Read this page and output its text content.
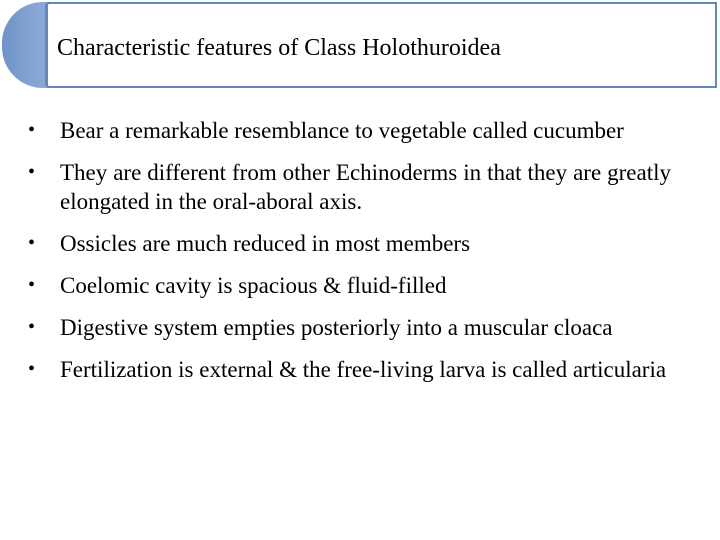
Characteristic features of Class Holothuroidea
•	Bear a remarkable resemblance to vegetable called cucumber
•	They are different from other Echinoderms in that they are greatly elongated in the oral-aboral axis.
•	Ossicles are much reduced in most members
•	Coelomic cavity is spacious & fluid-filled
•	Digestive system empties posteriorly into a muscular cloaca
•	Fertilization is external & the free-living larva is called articularia
